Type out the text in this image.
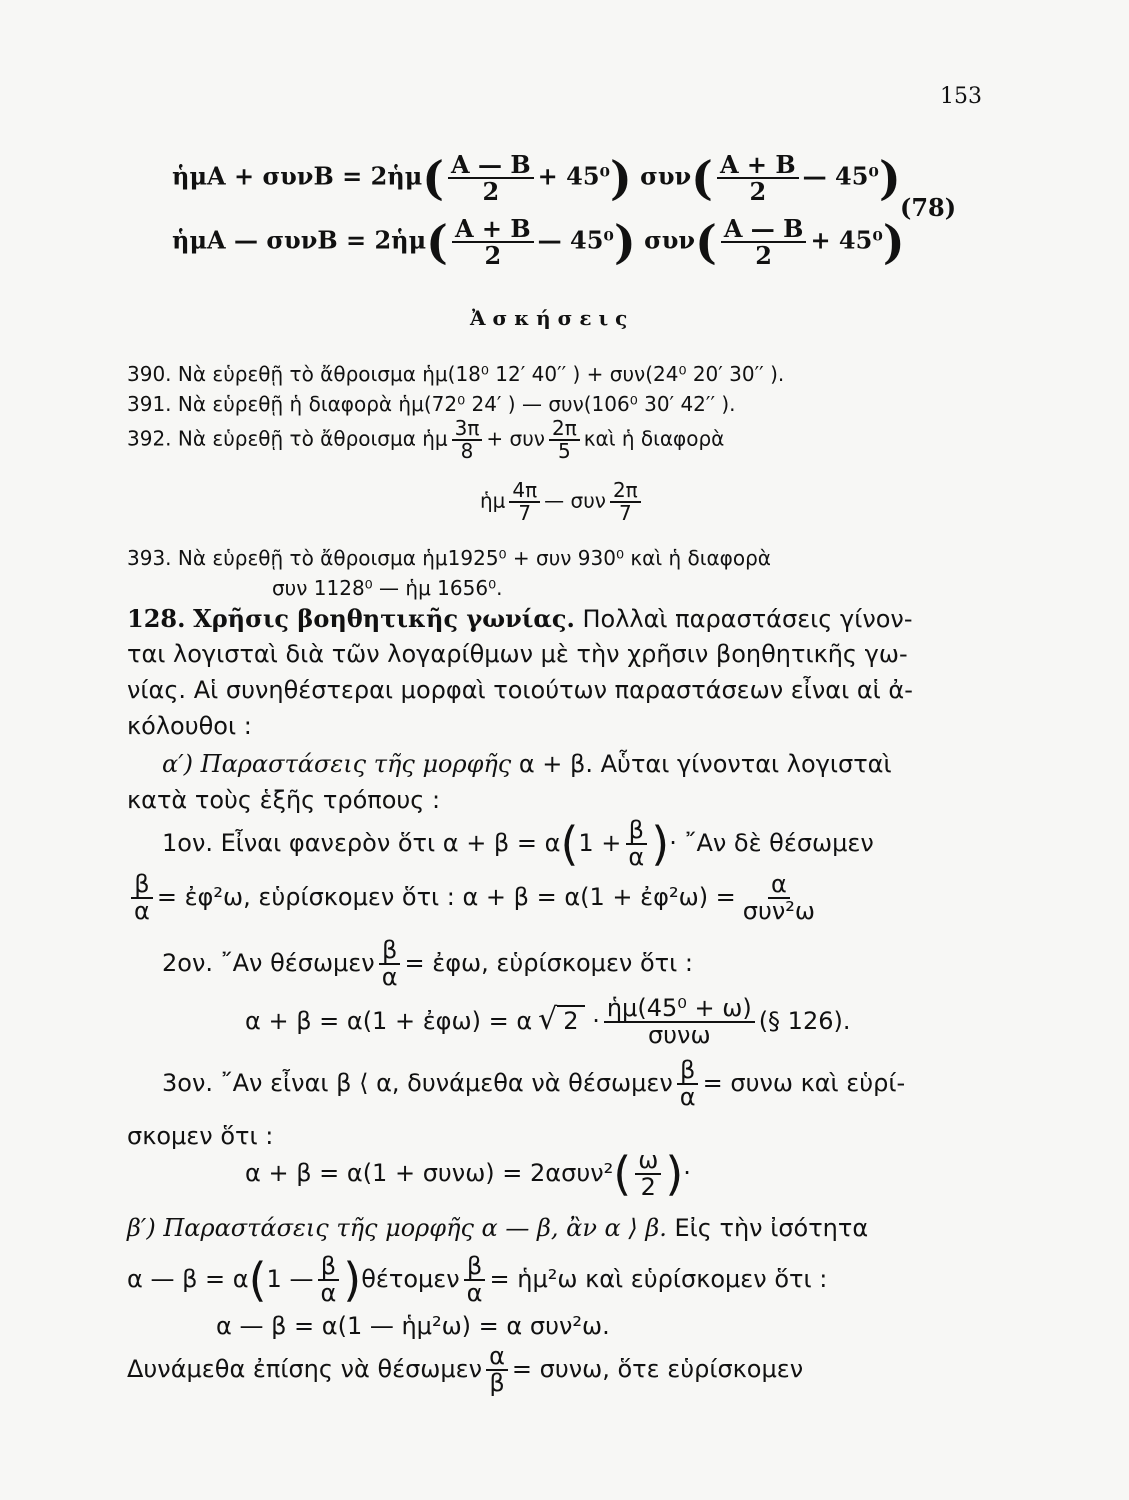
153
ἡμA + συνB = 2ἡμ( $\frac{A — B}{2} + 45^0$) $\sigma\upsilon\nu( \frac{A + B}{2}$ — 45⁰)
ἡμA — συνB = 2ἡμ( $\frac{A + B}{2}$ — 45⁰) $\sigma\upsilon\nu( \frac{A — B}{2} + 45^0)$
(78)
Ἀ σ κ ή σ ε ι ς
390. Νὰ εὑρεθῇ τὸ ἄθροισμα ἡμ(18⁰ 12′ 40′′ ) + συν(24⁰ 20′ 30′′ ).
391. Νὰ εὑρεθῇ ἡ διαφορὰ ἡμ(72⁰ 24′ ) — συν(106⁰ 30′ 42′′ ).
392. Νὰ εὑρεθῇ τὸ ἄθροισμα ἡμ $\frac{3\pi}{8} + \sigma\upsilon\nu \frac{2\pi}{5}$ καὶ ἡ διαφορὰ
ἡμ $\frac{4\pi}{7}$ — συν $\frac{2\pi}{7}$
393. Νὰ εὑρεθῇ τὸ ἄθροισμα ἡμ1925⁰ + συν 930⁰ καὶ ἡ διαφορὰ
συν 1128⁰ — ἡμ 1656⁰.
128. Χρῆσις βοηθητικῆς γωνίας. Πολλαὶ παραστάσεις γίνον-
ται λογισταὶ διὰ τῶν λογαρίθμων μὲ τὴν χρῆσιν βοηθητικῆς γω-
νίας. Αἱ συνηθέστεραι μορφαὶ τοιούτων παραστάσεων εἶναι αἱ ἀ-
κόλουθοι :
α′) Παραστάσεις τῆς μορφῆς α + β. Αὗται γίνονται λογισταὶ
κατὰ τοὺς ἑξῆς τρόπους :
1ον. Εἶναι φανερὸν ὅτι $\alpha + \beta = \alpha(1 + \frac{\beta}{\alpha}$ )· ῎Αν δὲ θέσωμεν
$\frac{\beta}{\alpha}$ = ἐφ²ω, εὑρίσκομεν ὅτι : α + β = α(1 + ἐφ²ω) = $\frac{\alpha}{\text{συν²ω}}$
2ον. ῎Αν θέσωμεν $\frac{\beta}{\alpha}$ = ἐφω, εὑρίσκομεν ὅτι :
α + β = α(1 + ἐφω) = α √ $2 \cdot \frac{\text{ἡμ(45⁰ + ω)}}{\text{συνω}}$ (§ 126).
3ον. ῎Αν εἶναι β ⟨ α, δυνάμεθα νὰ θέσωμεν $\frac{\beta}{\alpha} = \sigma\upsilon\nu\omega$ καὶ εὑρί-
σκομεν ὅτι :
$\alpha + \beta = \alpha(1 + \sigma\upsilon\nu\omega) = 2\alpha\sigma\upsilon\nu^2( \frac{\omega}{2}$ )·
β′) Παραστάσεις τῆς μορφῆς α — β, ἂν α ⟩ β. Εἰς τὴν ἰσότητα
α — β = α(1 — $\frac{\beta}{\alpha} )\theta έ\tau o\mu\varepsilon\nu \frac{\beta}{\alpha}$ = ἡμ²ω καὶ εὑρίσκομεν ὅτι :
α — β = α(1 — ἡμ²ω) = α συν²ω.
Δυνάμεθα ἐπίσης νὰ θέσωμεν $\frac{\alpha}{\beta} = \sigma\upsilon\nu\omega$, ὅτε εὑρίσκομεν
